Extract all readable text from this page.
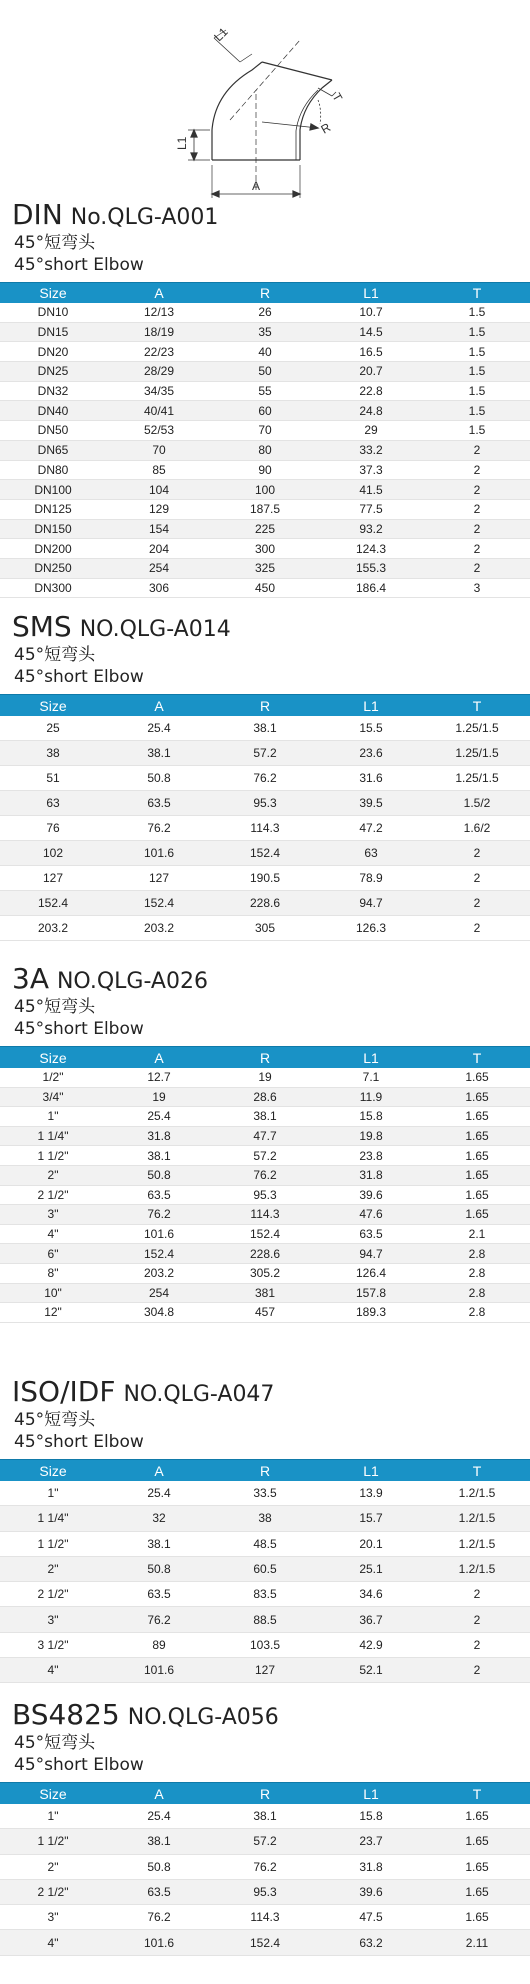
L1
L1
T
R
A
DIN No.QLG-A001
45°短弯头
45°short Elbow
Size	A	R	L1	T
DN10	12/13	26	10.7	1.5
DN15	18/19	35	14.5	1.5
DN20	22/23	40	16.5	1.5
DN25	28/29	50	20.7	1.5
DN32	34/35	55	22.8	1.5
DN40	40/41	60	24.8	1.5
DN50	52/53	70	29	1.5
DN65	70	80	33.2	2
DN80	85	90	37.3	2
DN100	104	100	41.5	2
DN125	129	187.5	77.5	2
DN150	154	225	93.2	2
DN200	204	300	124.3	2
DN250	254	325	155.3	2
DN300	306	450	186.4	3
SMS NO.QLG-A014
45°短弯头
45°short Elbow
Size	A	R	L1	T
25	25.4	38.1	15.5	1.25/1.5
38	38.1	57.2	23.6	1.25/1.5
51	50.8	76.2	31.6	1.25/1.5
63	63.5	95.3	39.5	1.5/2
76	76.2	114.3	47.2	1.6/2
102	101.6	152.4	63	2
127	127	190.5	78.9	2
152.4	152.4	228.6	94.7	2
203.2	203.2	305	126.3	2
3A NO.QLG-A026
45°短弯头
45°short Elbow
Size	A	R	L1	T
1/2"	12.7	19	7.1	1.65
3/4"	19	28.6	11.9	1.65
1"	25.4	38.1	15.8	1.65
1 1/4"	31.8	47.7	19.8	1.65
1 1/2"	38.1	57.2	23.8	1.65
2"	50.8	76.2	31.8	1.65
2 1/2"	63.5	95.3	39.6	1.65
3"	76.2	114.3	47.6	1.65
4"	101.6	152.4	63.5	2.1
6"	152.4	228.6	94.7	2.8
8"	203.2	305.2	126.4	2.8
10"	254	381	157.8	2.8
12"	304.8	457	189.3	2.8
ISO/IDF NO.QLG-A047
45°短弯头
45°short Elbow
Size	A	R	L1	T
1"	25.4	33.5	13.9	1.2/1.5
1 1/4"	32	38	15.7	1.2/1.5
1 1/2"	38.1	48.5	20.1	1.2/1.5
2"	50.8	60.5	25.1	1.2/1.5
2 1/2"	63.5	83.5	34.6	2
3"	76.2	88.5	36.7	2
3 1/2"	89	103.5	42.9	2
4"	101.6	127	52.1	2
BS4825 NO.QLG-A056
45°短弯头
45°short Elbow
Size	A	R	L1	T
1"	25.4	38.1	15.8	1.65
1 1/2"	38.1	57.2	23.7	1.65
2"	50.8	76.2	31.8	1.65
2 1/2"	63.5	95.3	39.6	1.65
3"	76.2	114.3	47.5	1.65
4"	101.6	152.4	63.2	2.11
